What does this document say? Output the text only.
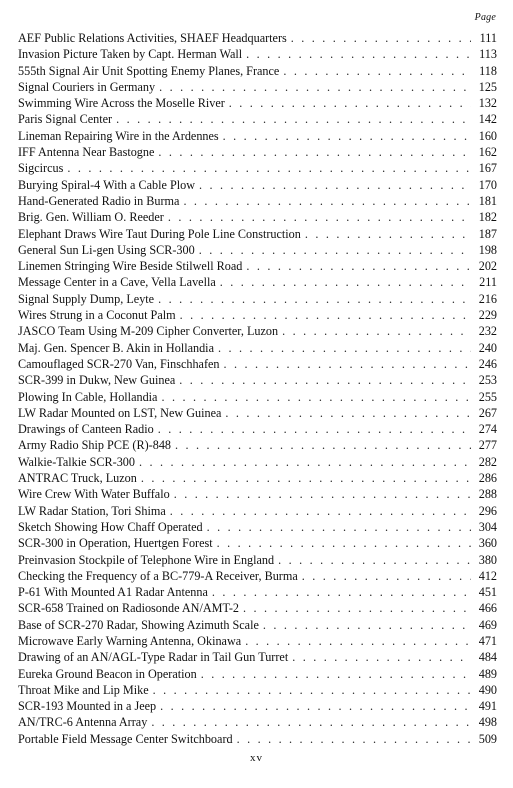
Page
AEF Public Relations Activities, SHAEF Headquarters . . .	111
Invasion Picture Taken by Capt. Herman Wall . . .	113
555th Signal Air Unit Spotting Enemy Planes, France . . .	118
Signal Couriers in Germany . . .	125
Swimming Wire Across the Moselle River . . .	132
Paris Signal Center . . .	142
Lineman Repairing Wire in the Ardennes . . .	160
IFF Antenna Near Bastogne . . .	162
Sigcircus . . .	167
Burying Spiral-4 With a Cable Plow . . .	170
Hand-Generated Radio in Burma . . .	181
Brig. Gen. William O. Reeder . . .	182
Elephant Draws Wire Taut During Pole Line Construction . . .	187
General Sun Li-gen Using SCR-300 . . .	198
Linemen Stringing Wire Beside Stilwell Road . . .	202
Message Center in a Cave, Vella Lavella . . .	211
Signal Supply Dump, Leyte . . .	216
Wires Strung in a Coconut Palm . . .	229
JASCO Team Using M-209 Cipher Converter, Luzon . . .	232
Maj. Gen. Spencer B. Akin in Hollandia . . .	240
Camouflaged SCR-270 Van, Finschhafen . . .	246
SCR-399 in Dukw, New Guinea . . .	253
Plowing In Cable, Hollandia . . .	255
LW Radar Mounted on LST, New Guinea . . .	267
Drawings of Canteen Radio . . .	274
Army Radio Ship PCE (R)-848 . . .	277
Walkie-Talkie SCR-300 . . .	282
ANTRAC Truck, Luzon . . .	286
Wire Crew With Water Buffalo . . .	288
LW Radar Station, Tori Shima . . .	296
Sketch Showing How Chaff Operated . . .	304
SCR-300 in Operation, Huertgen Forest . . .	360
Preinvasion Stockpile of Telephone Wire in England . . .	380
Checking the Frequency of a BC-779-A Receiver, Burma . . .	412
P-61 With Mounted A1 Radar Antenna . . .	451
SCR-658 Trained on Radiosonde AN/AMT-2 . . .	466
Base of SCR-270 Radar, Showing Azimuth Scale . . .	469
Microwave Early Warning Antenna, Okinawa . . .	471
Drawing of an AN/AGL-Type Radar in Tail Gun Turret . . .	484
Eureka Ground Beacon in Operation . . .	489
Throat Mike and Lip Mike . . .	490
SCR-193 Mounted in a Jeep . . .	491
AN/TRC-6 Antenna Array . . .	498
Portable Field Message Center Switchboard . . .	509
xv
